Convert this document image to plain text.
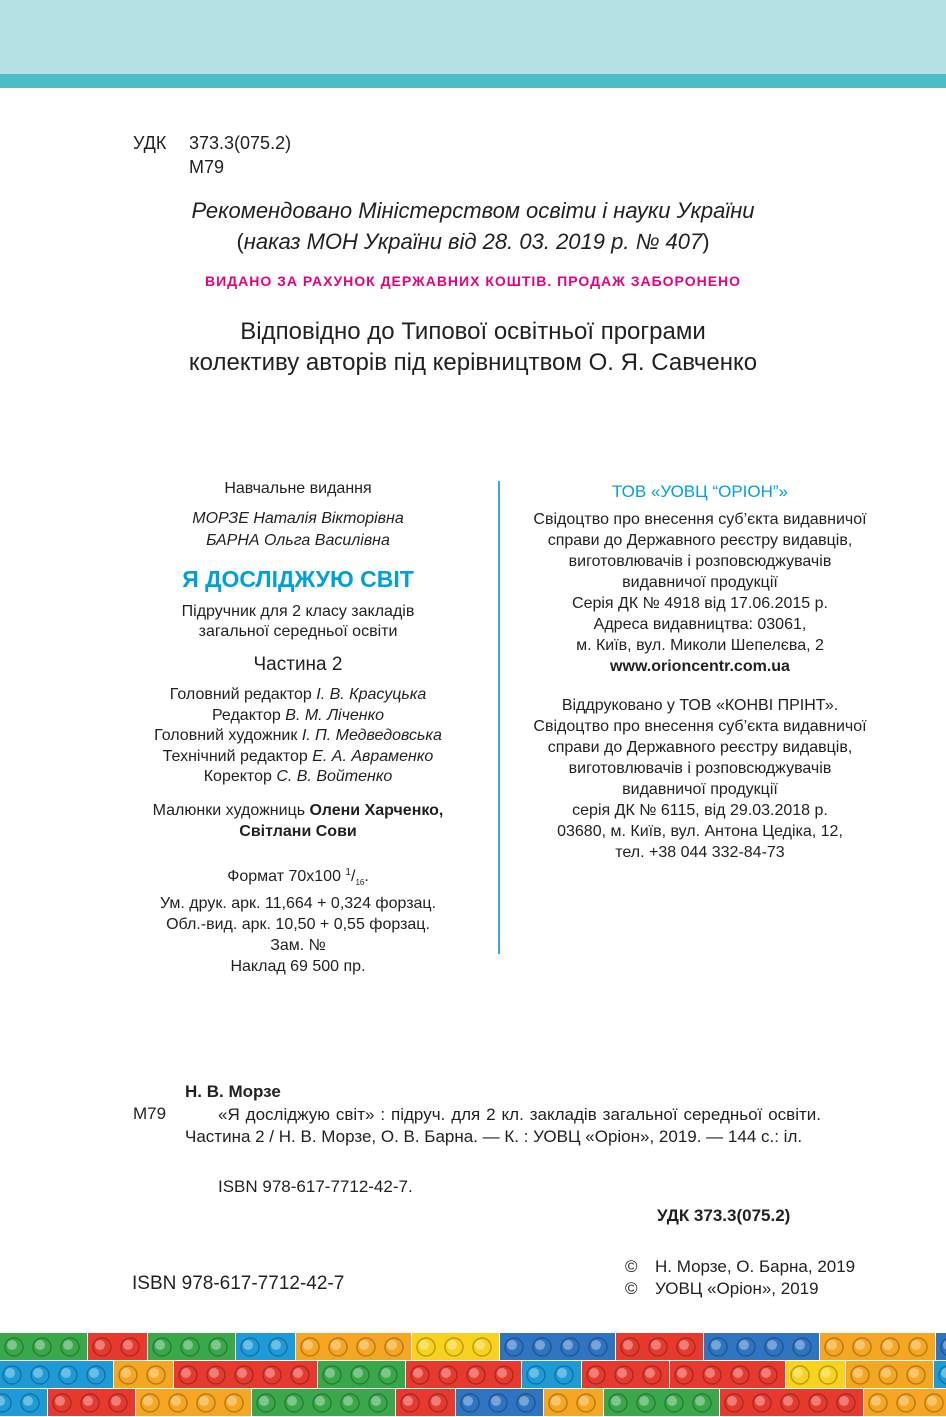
УДК 373.3(075.2)
М79
Рекомендовано Міністерством освіти і науки України
(наказ МОН України від 28. 03. 2019 р. № 407)
ВИДАНО ЗА РАХУНОК ДЕРЖАВНИХ КОШТІВ. ПРОДАЖ ЗАБОРОНЕНО
Відповідно до Типової освітньої програми
колективу авторів під керівництвом О. Я. Савченко
Навчальне видання
МОРЗЕ Наталія Вікторівна
БАРНА Ольга Василівна
Я ДОСЛІДЖУЮ СВІТ
Підручник для 2 класу закладів
загальної середньої освіти
Частина 2
Головний редактор І. В. Красуцька
Редактор В. М. Ліченко
Головний художник І. П. Медведовська
Технічний редактор Е. А. Авраменко
Коректор С. В. Войтенко
Малюнки художниць Олени Харченко,
Світлани Сови
Формат 70х100 $^1/_{16}$.
Ум. друк. арк. 11,664 + 0,324 форзац.
Обл.-вид. арк. 10,50 + 0,55 форзац.
Зам. №
Наклад 69 500 пр.
ТОВ «УОВЦ “ОРІОН”»
Свідоцтво про внесення суб’єкта видавничої
справи до Державного реєстру видавців,
виготовлювачів і розповсюджувачів
видавничої продукції
Серія ДК № 4918 від 17.06.2015 р.
Адреса видавництва: 03061,
м. Київ, вул. Миколи Шепелєва, 2
www.orioncentr.com.ua
Віддруковано у ТОВ «КОНВІ ПРІНТ».
Свідоцтво про внесення суб’єкта видавничої
справи до Державного реєстру видавців,
виготовлювачів і розповсюджувачів
видавничої продукції
серія ДК № 6115, від 29.03.2018 р.
03680, м. Київ, вул. Антона Цедіка, 12,
тел. +38 044 332-84-73
Н. В. Морзе
М79	«Я досліджую світ» : підруч. для 2 кл. закладів загальної середньої освіти. Частина 2 / Н. В. Морзе, О. В. Барна. — К. : УОВЦ «Оріон», 2019. — 144 с.: іл.
ISBN 978-617-7712-42-7.
УДК 373.3(075.2)
ISBN 978-617-7712-42-7
© Н. Морзе, О. Барна, 2019
© УОВЦ «Оріон», 2019
